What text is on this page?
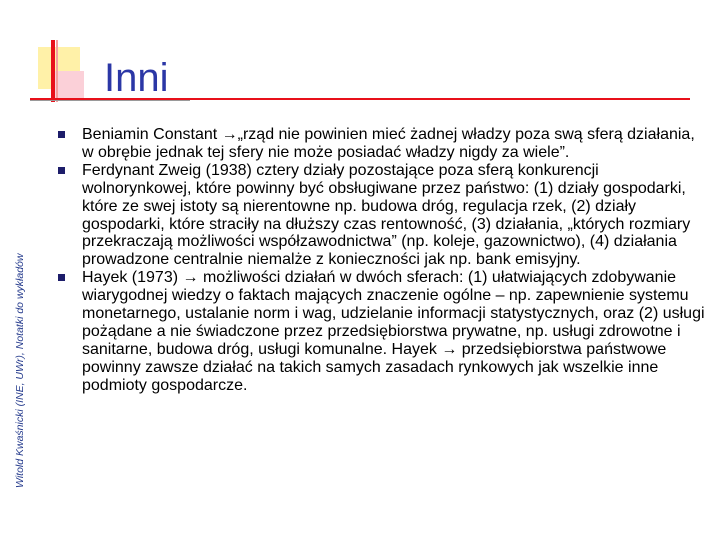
Inni
Witold Kwaśnicki (INE, UWr), Notatki do wykładów
Beniamin Constant →„rząd nie powinien mieć żadnej władzy poza swą sferą działania, w obrębie jednak tej sfery nie może posiadać władzy nigdy za wiele”.
Ferdynant Zweig (1938) cztery działy pozostające poza sferą konkurencji wolnorynkowej, które powinny być obsługiwane przez państwo: (1) działy gospodarki, które ze swej istoty są nierentowne np. budowa dróg, regulacja rzek, (2) działy gospodarki, które straciły na dłuższy czas rentowność, (3) działania, „których rozmiary przekraczają możliwości współzawodnictwa” (np. koleje, gazownictwo), (4) działania prowadzone centralnie niemalże z konieczności jak np. bank emisyjny.
Hayek (1973) → możliwości działań w dwóch sferach: (1) ułatwiających zdobywanie wiarygodnej wiedzy o faktach mających znaczenie ogólne – np. zapewnienie systemu monetarnego, ustalanie norm i wag, udzielanie informacji statystycznych, oraz (2) usługi pożądane a nie świadczone przez przedsiębiorstwa prywatne, np. usługi zdrowotne i sanitarne, budowa dróg, usługi komunalne. Hayek → przedsiębiorstwa państwowe powinny zawsze działać na takich samych zasadach rynkowych jak wszelkie inne podmioty gospodarcze.
